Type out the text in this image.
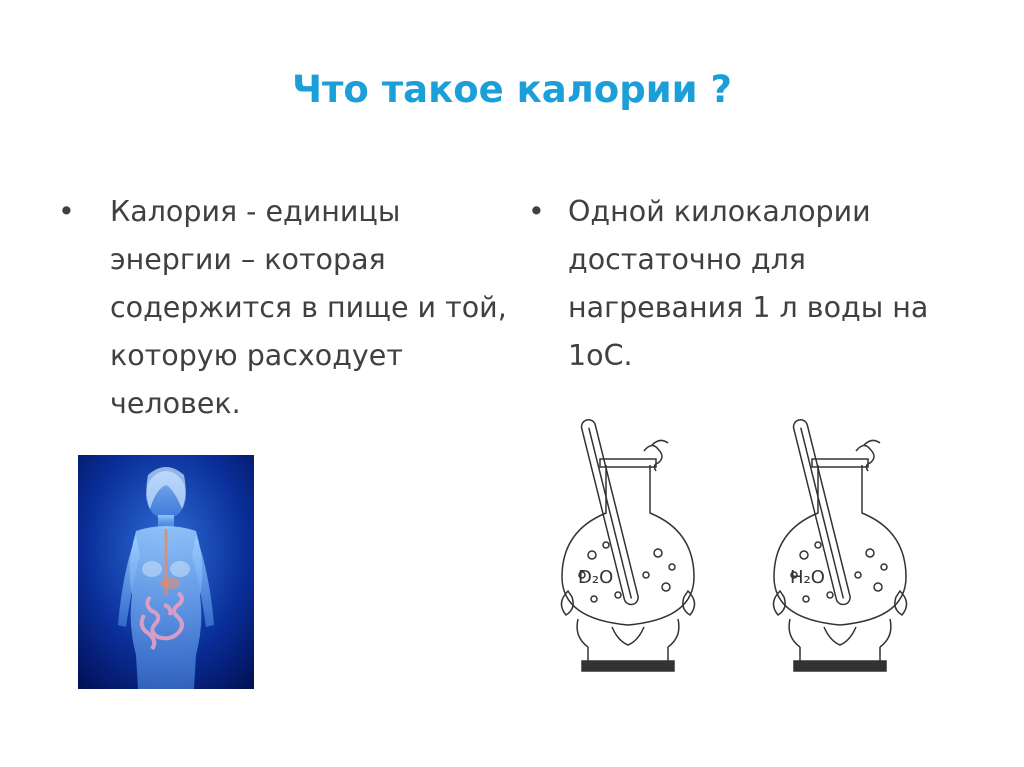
Что такое калории ?
•	Калория - единицы энергии – которая содержится в пище и той, которую расходует человек.
• Одной килокалории достаточно для нагревания 1 л воды на 1оС.
D₂O	H₂O
